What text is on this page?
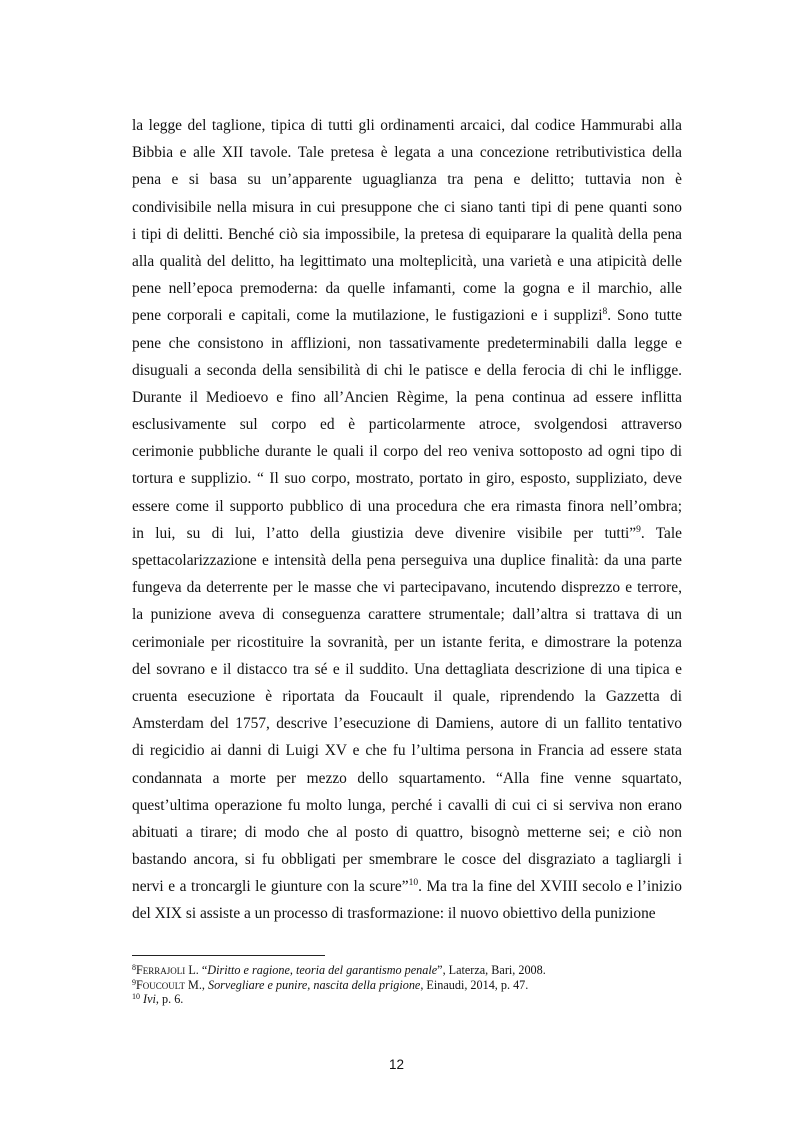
la legge del taglione, tipica di tutti gli ordinamenti arcaici, dal codice Hammurabi alla
Bibbia e alle XII tavole. Tale pretesa è legata a una concezione retributivistica della
pena e si basa su un’apparente uguaglianza tra pena e delitto; tuttavia non è
condivisibile nella misura in cui presuppone che ci siano tanti tipi di pene quanti sono
i tipi di delitti. Benché ciò sia impossibile, la pretesa di equiparare la qualità della pena
alla qualità del delitto, ha legittimato una molteplicità, una varietà e una atipicità delle
pene nell’epoca premoderna: da quelle infamanti, come la gogna e il marchio, alle
pene corporali e capitali, come la mutilazione, le fustigazioni e i supplizi$^8$. Sono tutte
pene che consistono in afflizioni, non tassativamente predeterminabili dalla legge e
disuguali a seconda della sensibilità di chi le patisce e della ferocia di chi le infligge.
Durante il Medioevo e fino all’Ancien Règime, la pena continua ad essere inflitta
esclusivamente sul corpo ed è particolarmente atroce, svolgendosi attraverso
cerimonie pubbliche durante le quali il corpo del reo veniva sottoposto ad ogni tipo di
tortura e supplizio. “ Il suo corpo, mostrato, portato in giro, esposto, suppliziato, deve
essere come il supporto pubblico di una procedura che era rimasta finora nell’ombra;
in lui, su di lui, l’atto della giustizia deve divenire visibile per tutti”$^9$. Tale
spettacolarizzazione e intensità della pena perseguiva una duplice finalità: da una parte
fungeva da deterrente per le masse che vi partecipavano, incutendo disprezzo e terrore,
la punizione aveva di conseguenza carattere strumentale; dall’altra si trattava di un
cerimoniale per ricostituire la sovranità, per un istante ferita, e dimostrare la potenza
del sovrano e il distacco tra sé e il suddito. Una dettagliata descrizione di una tipica e
cruenta esecuzione è riportata da Foucault il quale, riprendendo la Gazzetta di
Amsterdam del 1757, descrive l’esecuzione di Damiens, autore di un fallito tentativo
di regicidio ai danni di Luigi XV e che fu l’ultima persona in Francia ad essere stata
condannata a morte per mezzo dello squartamento. “Alla fine venne squartato,
quest’ultima operazione fu molto lunga, perché i cavalli di cui ci si serviva non erano
abituati a tirare; di modo che al posto di quattro, bisognò metterne sei; e ciò non
bastando ancora, si fu obbligati per smembrare le cosce del disgraziato a tagliargli i
nervi e a troncargli le giunture con la scure”$^{10}$. Ma tra la fine del XVIII secolo e l’inizio
del XIX si assiste a un processo di trasformazione: il nuovo obiettivo della punizione
$^8$Ferrajoli L. “Diritto e ragione, teoria del garantismo penale”, Laterza, Bari, 2008.
$^9$Foucoult M., Sorvegliare e punire, nascita della prigione, Einaudi, 2014, p. 47.
$^{10}$ Ivi, p. 6.
12
